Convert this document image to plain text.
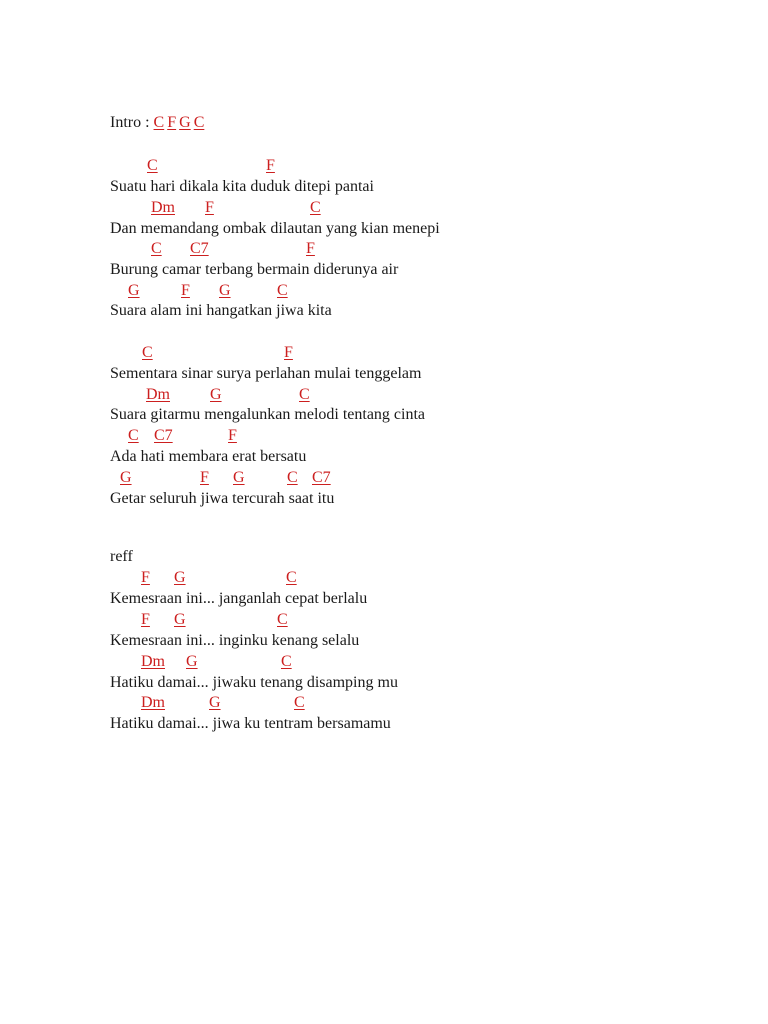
Intro : C F G C
C	F
Suatu hari dikala kita duduk ditepi pantai
Dm F	C
Dan memandang ombak dilautan yang kian menepi
C C7	F
Burung camar terbang bermain diderunya air
G	F G	C
Suara alam ini hangatkan jiwa kita
C	F
Sementara sinar surya perlahan mulai tenggelam
Dm	G	C
Suara gitarmu mengalunkan melodi tentang cinta
C C7	F
Ada hati membara erat bersatu
G	F G	C C7
Getar seluruh jiwa tercurah saat itu
reff
F G	C
Kemesraan ini... janganlah cepat berlalu
F G	C
Kemesraan ini... inginku kenang selalu
Dm G	C
Hatiku damai... jiwaku tenang disamping mu
Dm	G	C
Hatiku damai... jiwa ku tentram bersamamu
